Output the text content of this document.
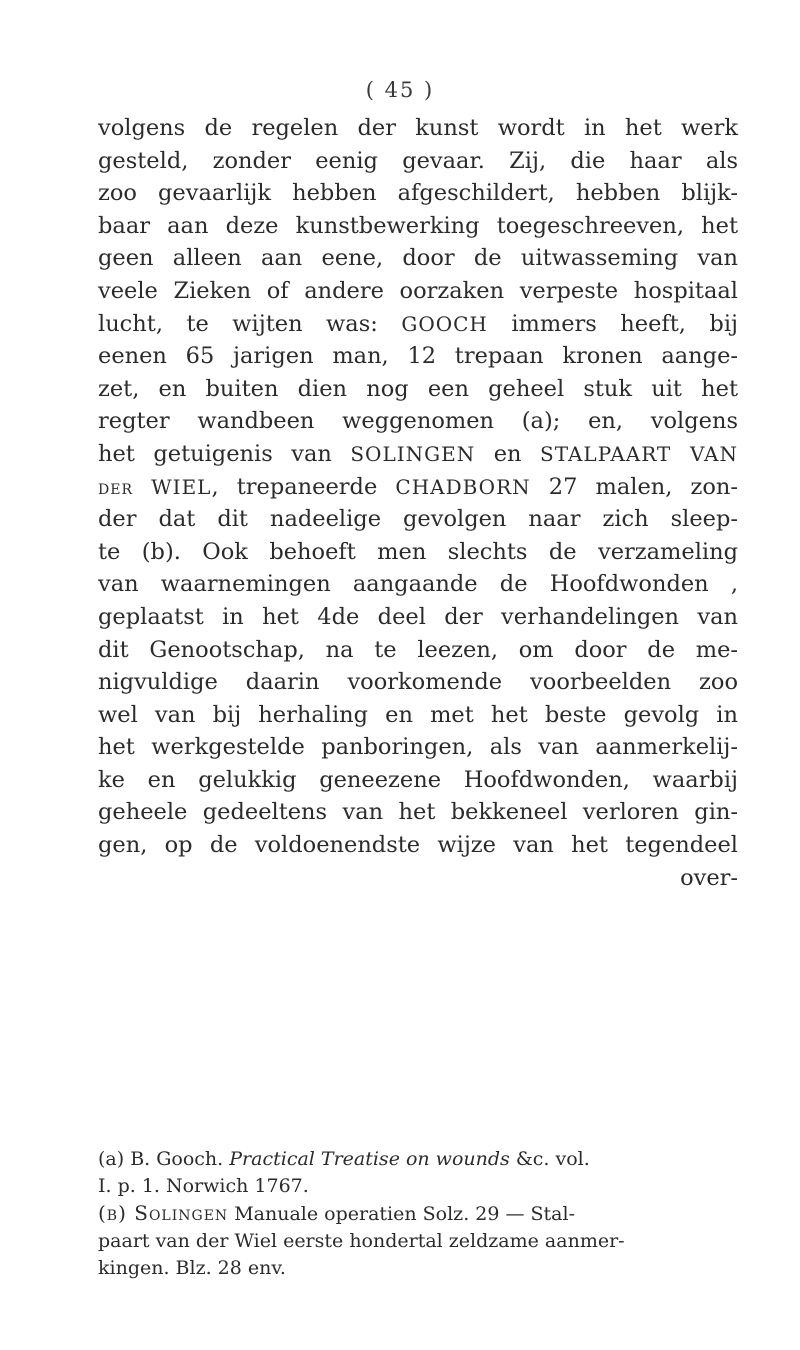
( 45 )
volgens de regelen der kunst wordt in het werk
gesteld, zonder eenig gevaar. Zij, die haar als
zoo gevaarlijk hebben afgeschildert, hebben blijk-
baar aan deze kunstbewerking toegeschreeven, het
geen alleen aan eene, door de uitwasseming van
veele Zieken of andere oorzaken verpeste hospitaal
lucht, te wijten was: GOOCH immers heeft, bij
eenen 65 jarigen man, 12 trepaan kronen aange-
zet, en buiten dien nog een geheel stuk uit het
regter wandbeen weggenomen (a); en, volgens
het getuigenis van SOLINGEN en STALPAART VAN
der WIEL, trepaneerde CHADBORN 27 malen, zon-
der dat dit nadeelige gevolgen naar zich sleep-
te (b). Ook behoeft men slechts de verzameling
van waarnemingen aangaande de Hoofdwonden ,
geplaatst in het 4de deel der verhandelingen van
dit Genootschap, na te leezen, om door de me-
nigvuldige daarin voorkomende voorbeelden zoo
wel van bij herhaling en met het beste gevolg in
het werkgestelde panboringen, als van aanmerkelij-
ke en gelukkig geneezene Hoofdwonden, waarbij
geheele gedeeltens van het bekkeneel verloren gin-
gen, op de voldoenendste wijze van het tegendeel
over-
(a) B. Gooch. Practical Treatise on wounds &c. vol.
I. p. 1. Norwich 1767.
(b) Solingen Manuale operatien Solz. 29 — Stal-
paart van der Wiel eerste hondertal zeldzame aanmer-
kingen. Blz. 28 env.
